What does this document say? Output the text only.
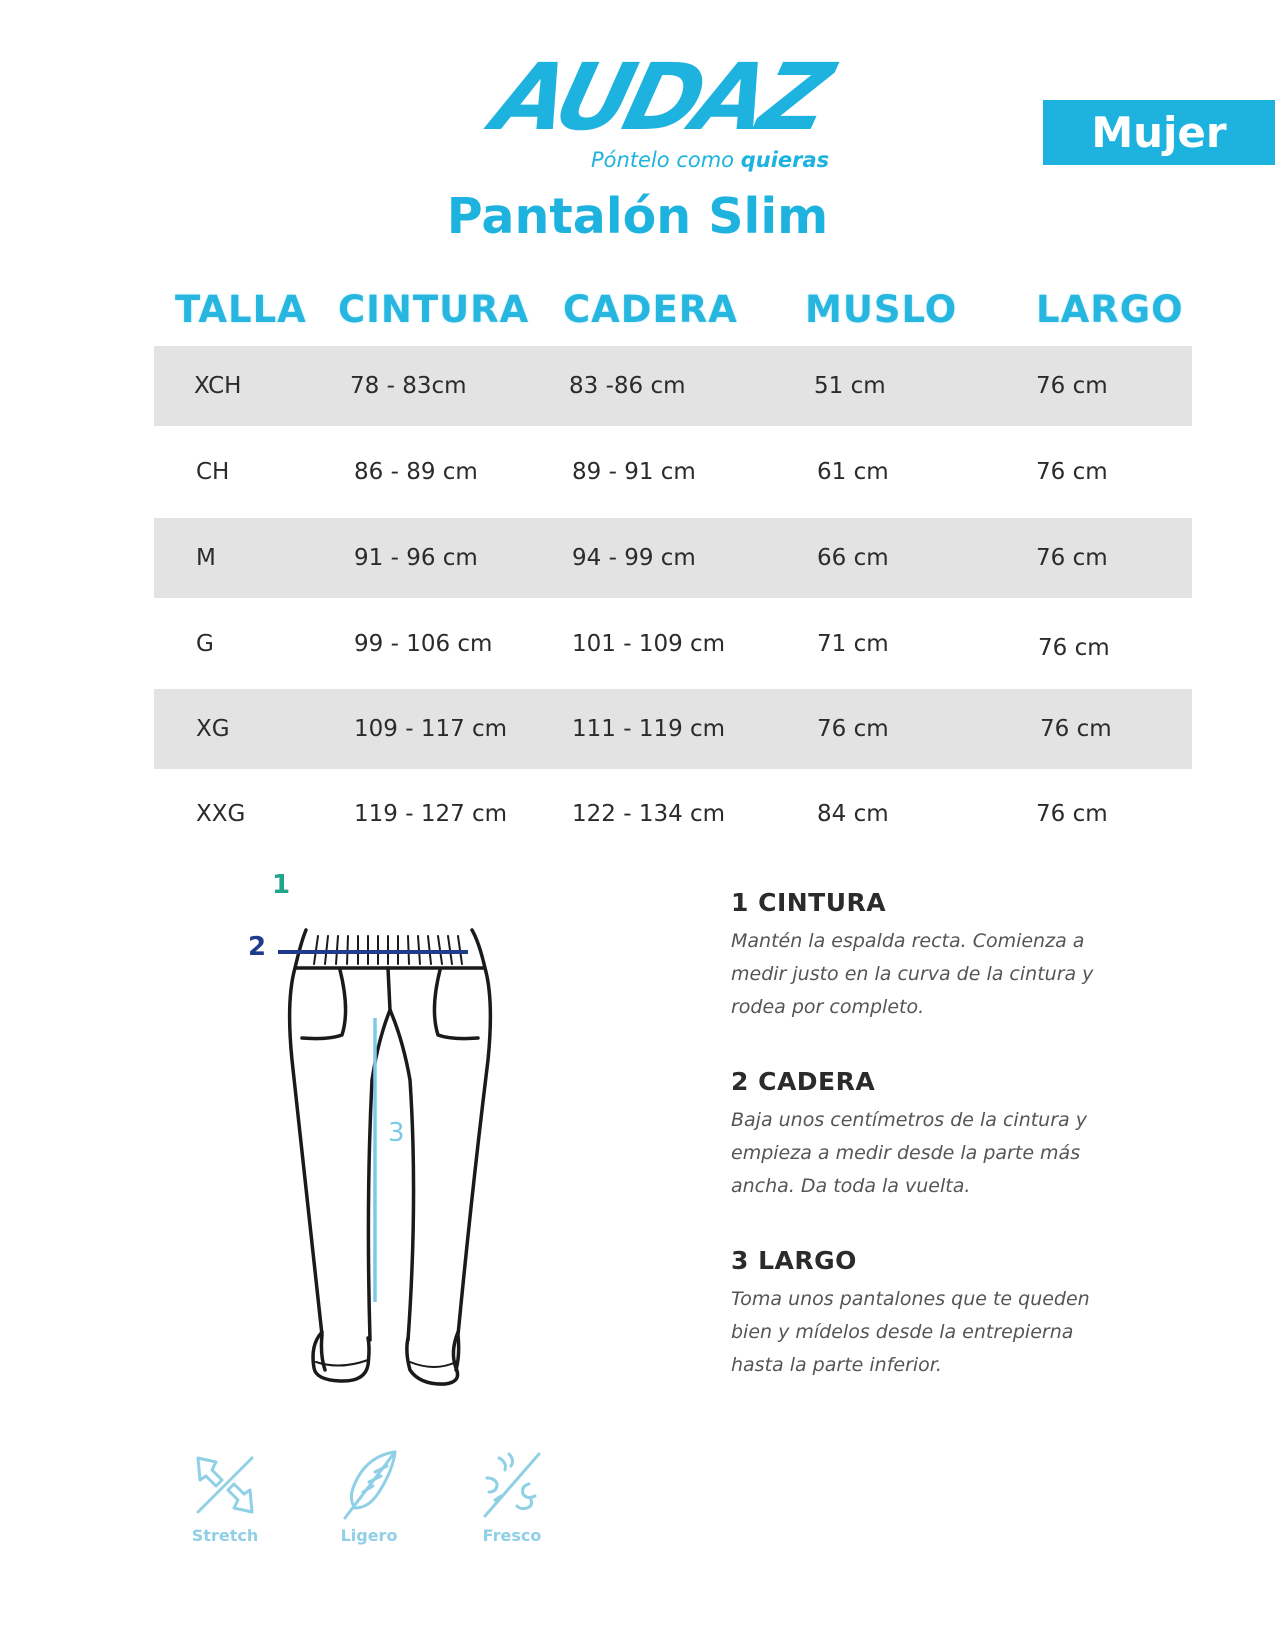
AUDAZ
Póntelo como quieras
Mujer
Pantalón Slim
TALLA CINTURA CADERA MUSLO LARGO
XCH	78 - 83cm	83 -86 cm	51 cm	76 cm
CH	86 - 89 cm	89 - 91 cm	61 cm	76 cm
M	91 - 96 cm	94 - 99 cm	66 cm	76 cm
G	99 - 106 cm	101 - 109 cm	71 cm	76 cm
XG	109 - 117 cm	111 - 119 cm	76 cm	76 cm
XXG	119 - 127 cm	122 - 134 cm	84 cm	76 cm
1
2
3
1 CINTURA
Mantén la espalda recta. Comienza a medir justo en la curva de la cintura y rodea por completo.
2 CADERA
Baja unos centímetros de la cintura y empieza a medir desde la parte más ancha. Da toda la vuelta.
3 LARGO
Toma unos pantalones que te queden bien y mídelos desde la entrepierna hasta la parte inferior.
Stretch	Ligero	Fresco
